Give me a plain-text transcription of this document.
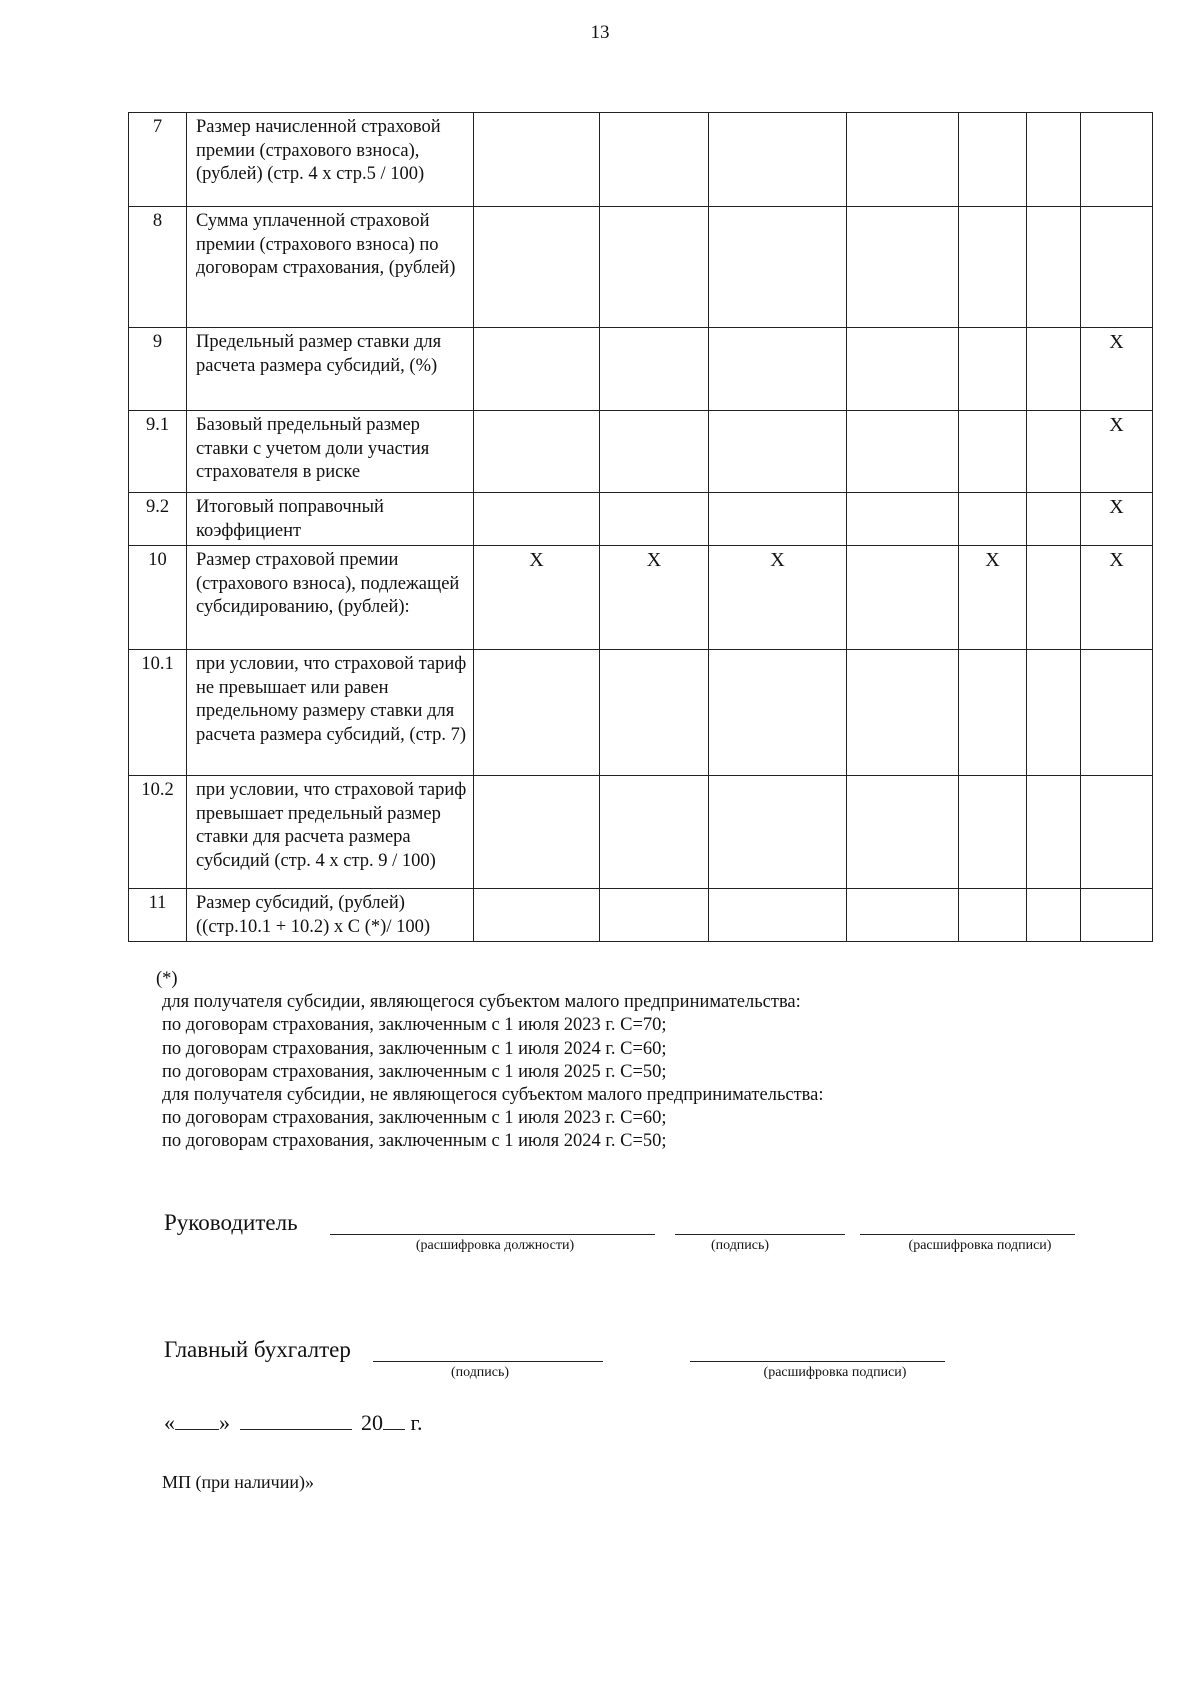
13
7	Размер начисленной страховой премии (страхового взноса), (рублей) (стр. 4 х стр.5 / 100)							
8	Сумма уплаченной страховой премии (страхового взноса) по договорам страхования, (рублей)							
9	Предельный размер ставки для расчета размера субсидий, (%)							X
9.1	Базовый предельный размер ставки с учетом доли участия страхователя в риске							X
9.2	Итоговый поправочный коэффициент							X
10	Размер страховой премии (страхового взноса), подлежащей субсидированию, (рублей):	X	X	X		X		X
10.1	при условии, что страховой тариф не превышает или равен предельному размеру ставки для расчета размера субсидий, (стр. 7)							
10.2	при условии, что страховой тариф превышает предельный размер ставки для расчета размера субсидий (стр. 4 х стр. 9 / 100)							
11	Размер субсидий, (рублей) ((стр.10.1 + 10.2) х С (*)/ 100)							
(*)
для получателя субсидии, являющегося субъектом малого предпринимательства:
по договорам страхования, заключенным с 1 июля 2023 г. С=70;
по договорам страхования, заключенным с 1 июля 2024 г. С=60;
по договорам страхования, заключенным с 1 июля 2025 г. С=50;
для получателя субсидии, не являющегося субъектом малого предпринимательства:
по договорам страхования, заключенным с 1 июля 2023 г. С=60;
по договорам страхования, заключенным с 1 июля 2024 г. С=50;
Руководитель
(расшифровка должности)	(подпись)	(расшифровка подписи)
Главный бухгалтер
(подпись)	(расшифровка подписи)
« »	20 г.
МП (при наличии)»
